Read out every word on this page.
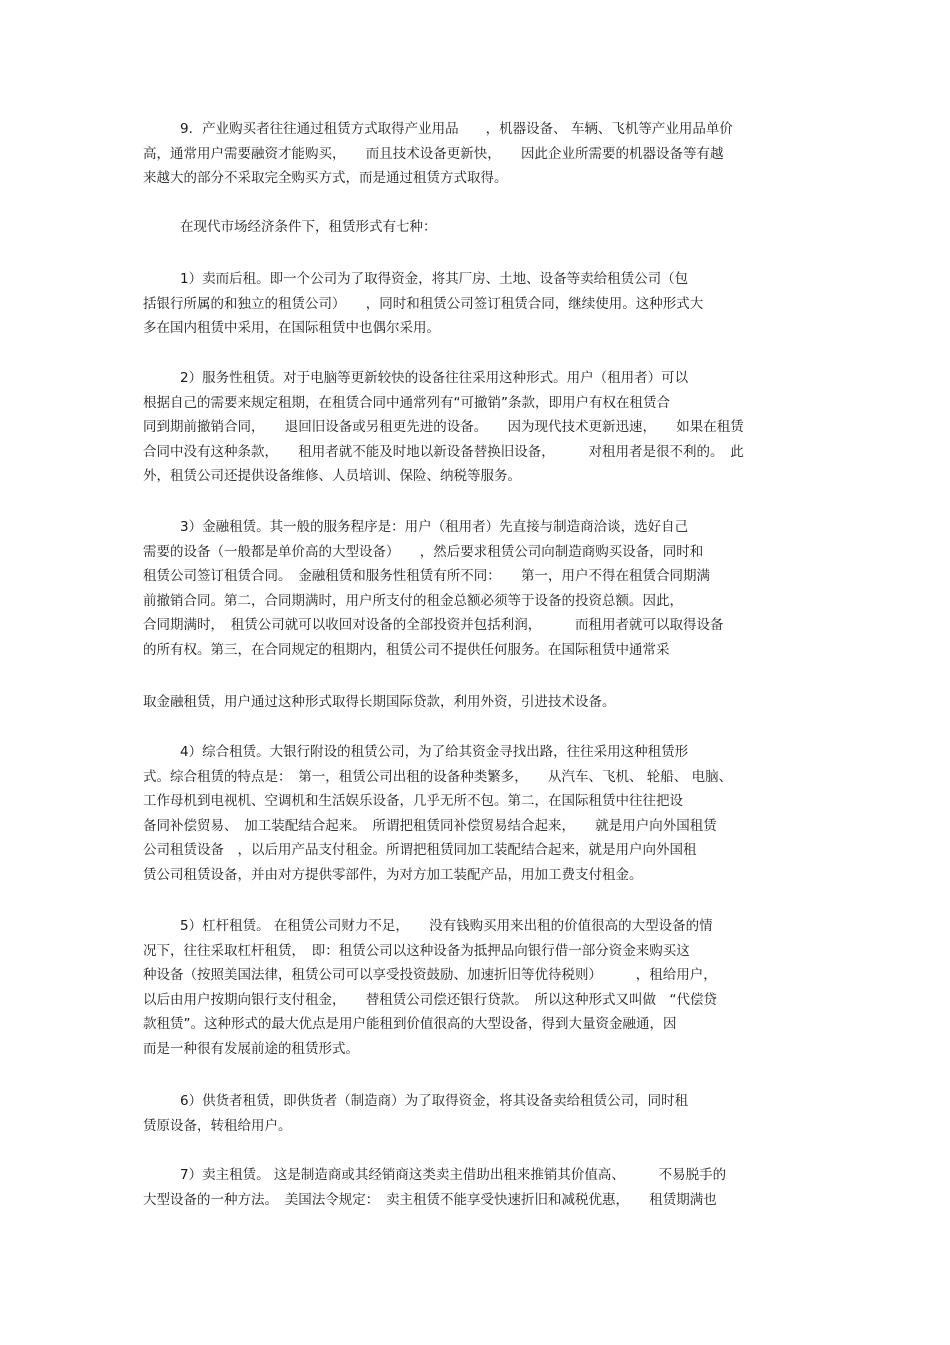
9．产业购买者往往通过租赁方式取得产业用品　　，机器设备、 车辆、飞机等产业用品单价
高，通常用户需要融资才能购买，　　而且技术设备更新快，　　因此企业所需要的机器设备等有越
来越大的部分不采取完全购买方式，而是通过租赁方式取得。
在现代市场经济条件下，租赁形式有七种：
1）卖而后租。即一个公司为了取得资金，将其厂房、土地、设备等卖给租赁公司（包
括银行所属的和独立的租赁公司）　　，同时和租赁公司签订租赁合同，继续使用。这种形式大
多在国内租赁中采用，在国际租赁中也偶尔采用。
2）服务性租赁。对于电脑等更新较快的设备往往采用这种形式。用户（租用者）可以
根据自己的需要来规定租期，在租赁合同中通常列有“可撤销”条款，即用户有权在租赁合
同到期前撤销合同，　　退回旧设备或另租更先进的设备。　　因为现代技术更新迅速，　　如果在租赁
合同中没有这种条款，　　租用者就不能及时地以新设备替换旧设备，　　　对租用者是很不利的。　此
外，租赁公司还提供设备维修、人员培训、保险、纳税等服务。
3）金融租赁。其一般的服务程序是：用户（租用者）先直接与制造商洽谈，选好自己
需要的设备（一般都是单价高的大型设备）　　，然后要求租赁公司向制造商购买设备，同时和
租赁公司签订租赁合同。　金融租赁和服务性租赁有所不同：　　第一，用户不得在租赁合同期满
前撤销合同。第二，合同期满时，用户所支付的租金总额必须等于设备的投资总额。因此，
合同期满时，　租赁公司就可以收回对设备的全部投资并包括利润，　　　而租用者就可以取得设备
的所有权。第三，在合同规定的租期内，租赁公司不提供任何服务。在国际租赁中通常采
取金融租赁，用户通过这种形式取得长期国际贷款，利用外资，引进技术设备。
4）综合租赁。大银行附设的租赁公司，为了给其资金寻找出路，往往采用这种租赁形
式。综合租赁的特点是：　第一，租赁公司出租的设备种类繁多，　　从汽车、飞机、 轮船、 电脑、
工作母机到电视机、空调机和生活娱乐设备，几乎无所不包。第二，在国际租赁中往往把设
备同补偿贸易、　加工装配结合起来。　所谓把租赁同补偿贸易结合起来，　　就是用户向外国租赁
公司租赁设备　，以后用产品支付租金。所谓把租赁同加工装配结合起来，就是用户向外国租
赁公司租赁设备，并由对方提供零部件，为对方加工装配产品，用加工费支付租金。
5）杠杆租赁。 在租赁公司财力不足，　　没有钱购买用来出租的价值很高的大型设备的情
况下，往往采取杠杆租赁，　即：租赁公司以这种设备为抵押品向银行借一部分资金来购买这
种设备（按照美国法律，租赁公司可以享受投资鼓励、加速折旧等优待税则）　　　，租给用户，
以后由用户按期向银行支付租金，　　替租赁公司偿还银行贷款。　所以这种形式又叫做　“代偿贷
款租赁”。这种形式的最大优点是用户能租到价值很高的大型设备，得到大量资金融通，因
而是一种很有发展前途的租赁形式。
6）供货者租赁，即供货者（制造商）为了取得资金，将其设备卖给租赁公司，同时租
赁原设备，转租给用户。
7）卖主租赁。 这是制造商或其经销商这类卖主借助出租来推销其价值高、　　　不易脱手的
大型设备的一种方法。　美国法令规定：　卖主租赁不能享受快速折旧和减税优惠，　　租赁期满也
